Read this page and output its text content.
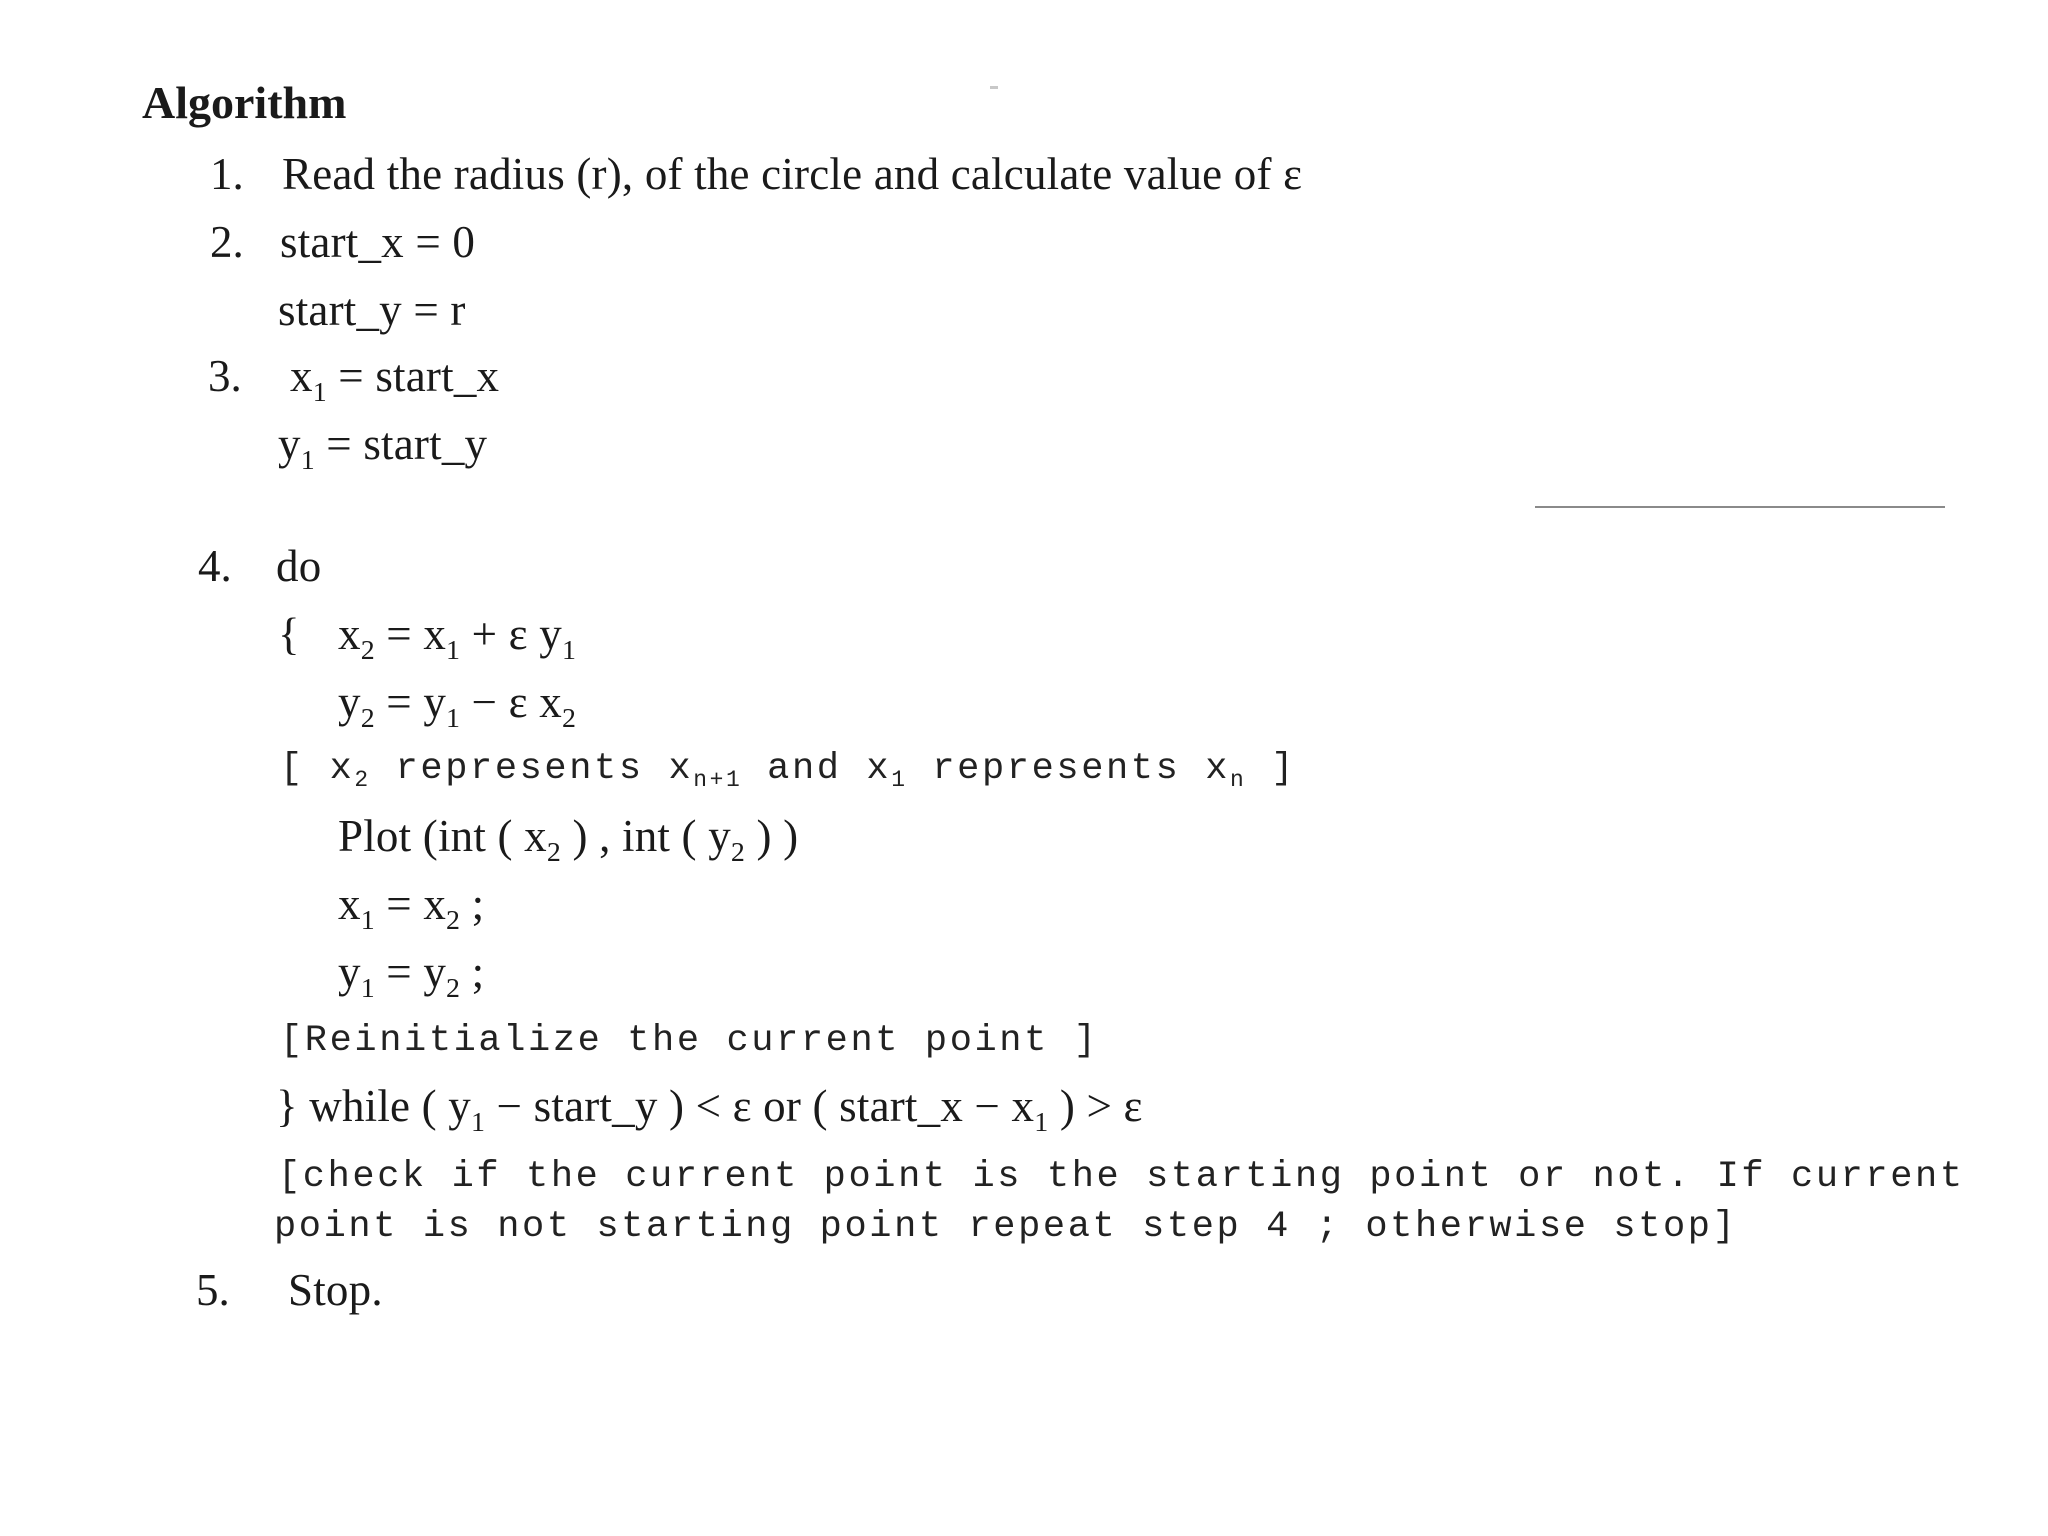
Algorithm
1. Read the radius (r), of the circle and calculate value of ε
2. start_x = 0
start_y = r
3. $x_1$ = start_x
$y_1$ = start_y
4. do
{ $x_2 = x_1 + \varepsilon$ $y_1$
$y_2 = y_1 - \varepsilon$ $x_2$
[ $x_2$ represents $x_{n+1}$ and $x_1$ represents $x_n$ ]
Plot (int ( $x_2$ ) , int ( $y_2$ ) )
$x_1 = x_2$ ;
$y_1 = y_2$ ;
[Reinitialize the current point ]
} while ( $y_1$ − start_y ) < ε or ( start_x − $x_1$ ) > ε
[check if the current point is the starting point or not. If current
point is not starting point repeat step 4 ; otherwise stop]
5. Stop.
